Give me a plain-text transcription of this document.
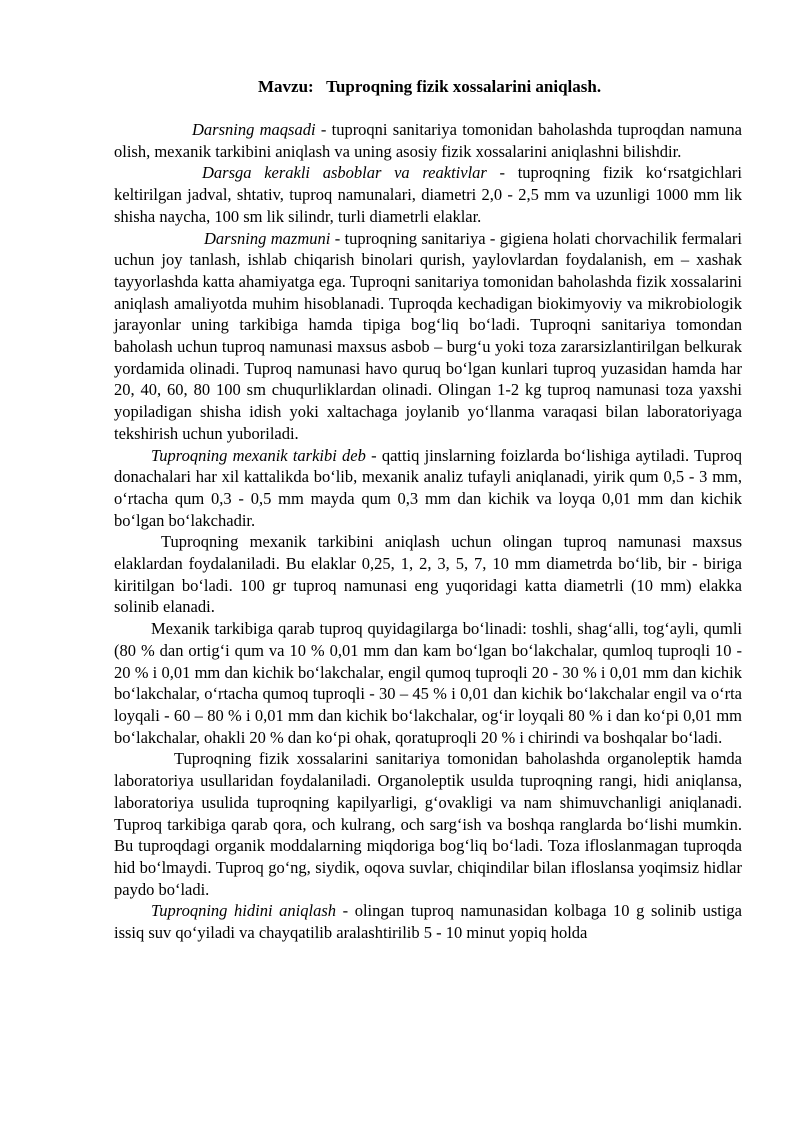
Mavzu:   Tuproqning fizik xossalarini aniqlash.

Darsning maqsadi - tuproqni sanitariya tomonidan baholashda tuproqdan namuna olish, mexanik tarkibini aniqlash va uning asosiy fizik xossalarini aniqlashni bilishdir.

Darsga kerakli asboblar va reaktivlar - tuproqning fizik koʻrsatgichlari keltirilgan jadval, shtativ, tuproq namunalari, diametri 2,0 - 2,5 mm va uzunligi 1000 mm lik shisha naycha, 100 sm lik silindr, turli diametrli elaklar.

Darsning mazmuni - tuproqning sanitariya - gigiena holati chorvachilik fermalari uchun joy tanlash, ishlab chiqarish binolari qurish, yaylovlardan foydalanish, em – xashak tayyorlashda katta ahamiyatga ega. Tuproqni sanitariya tomonidan baholashda fizik xossalarini aniqlash amaliyotda muhim hisoblanadi. Tuproqda kechadigan biokimyoviy va mikrobiologik jarayonlar uning tarkibiga hamda tipiga bogʻliq boʻladi. Tuproqni sanitariya tomondan baholash uchun tuproq namunasi maxsus asbob – burgʻu yoki toza zararsizlantirilgan belkurak yordamida olinadi. Tuproq namunasi havo quruq boʻlgan kunlari tuproq yuzasidan hamda har 20, 40, 60, 80 100 sm chuqurliklardan olinadi. Olingan 1-2 kg tuproq namunasi toza yaxshi yopiladigan shisha idish yoki xaltachaga joylanib yoʻllanma varaqasi bilan laboratoriyaga tekshirish uchun yuboriladi.

Tuproqning mexanik tarkibi deb - qattiq jinslarning foizlarda boʻlishiga aytiladi. Tuproq donachalari har xil kattalikda boʻlib, mexanik analiz tufayli aniqlanadi, yirik qum 0,5 - 3 mm, oʻrtacha qum 0,3 - 0,5 mm mayda qum 0,3 mm dan kichik va loyqa 0,01 mm dan kichik boʻlgan boʻlakchadir.

Tuproqning mexanik tarkibini aniqlash uchun olingan tuproq namunasi maxsus elaklardan foydalaniladi. Bu elaklar 0,25, 1, 2, 3, 5, 7, 10 mm diametrda boʻlib, bir - biriga kiritilgan boʻladi. 100 gr tuproq namunasi eng yuqoridagi katta diametrli (10 mm) elakka solinib elanadi.

Mexanik tarkibiga qarab tuproq quyidagilarga boʻlinadi: toshli, shagʻalli, togʻayli, qumli (80 % dan ortigʻi qum va 10 % 0,01 mm dan kam boʻlgan boʻlakchalar, qumloq tuproqli 10 - 20 % i 0,01 mm dan kichik boʻlakchalar, engil qumoq tuproqli 20 - 30 % i 0,01 mm dan kichik boʻlakchalar, oʻrtacha qumoq tuproqli - 30 – 45 % i 0,01 dan kichik boʻlakchalar engil va oʻrta loyqali - 60 – 80 % i 0,01 mm dan kichik boʻlakchalar, ogʻir loyqali 80 % i dan koʻpi 0,01 mm boʻlakchalar, ohakli 20 % dan koʻpi ohak, qoratuproqli 20 % i chirindi va boshqalar boʻladi.

Tuproqning fizik xossalarini sanitariya tomonidan baholashda organoleptik hamda laboratoriya usullaridan foydalaniladi. Organoleptik usulda tuproqning rangi, hidi aniqlansa, laboratoriya usulida tuproqning kapilyarligi, gʻovakligi va nam shimuvchanligi aniqlanadi. Tuproq tarkibiga qarab qora, och kulrang, och sargʻish va boshqa ranglarda boʻlishi mumkin. Bu tuproqdagi organik moddalarning miqdoriga bogʻliq boʻladi. Toza ifloslanmagan tuproqda hid boʻlmaydi. Tuproq goʻng, siydik, oqova suvlar, chiqindilar bilan ifloslansa yoqimsiz hidlar paydo boʻladi.

Tuproqning hidini aniqlash - olingan tuproq namunasidan kolbaga 10 g solinib ustiga issiq suv qoʻyiladi va chayqatilib aralashtirilib 5 - 10 minut yopiq holda
